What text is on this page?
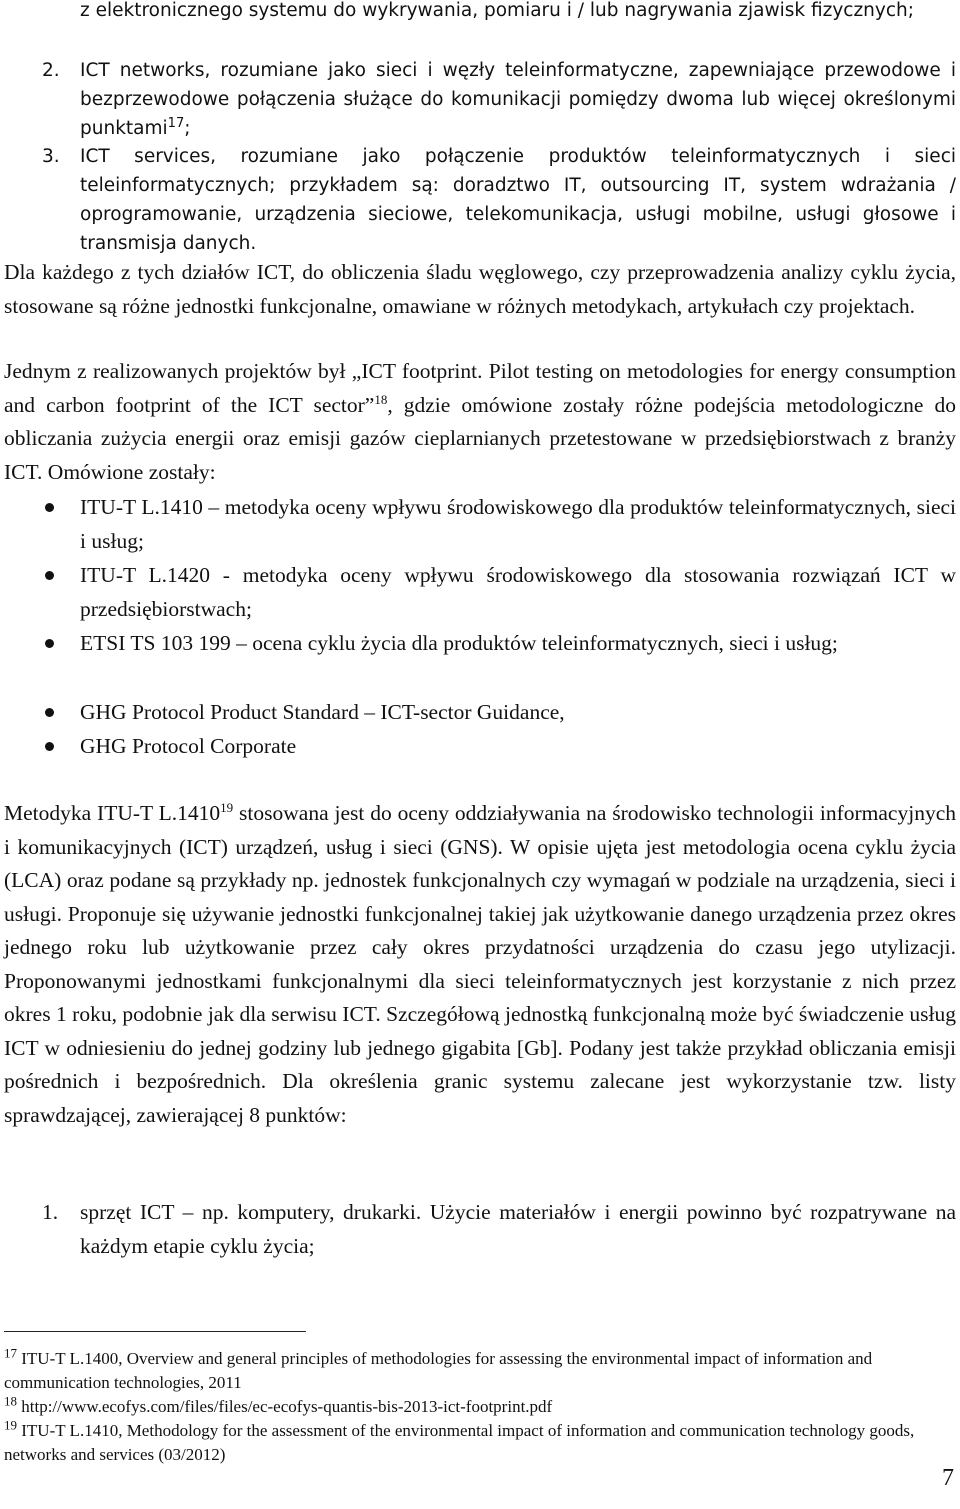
z elektronicznego systemu do wykrywania, pomiaru i / lub nagrywania zjawisk fizycznych;

2. ICT networks, rozumiane jako sieci i węzły teleinformatyczne, zapewniające przewodowe i bezprzewodowe połączenia służące do komunikacji pomiędzy dwoma lub więcej określonymi punktami$^{17}$;

3. ICT services, rozumiane jako połączenie produktów teleinformatycznych i sieci teleinformatycznych; przykładem są: doradztwo IT, outsourcing IT, system wdrażania / oprogramowanie, urządzenia sieciowe, telekomunikacja, usługi mobilne, usługi głosowe i transmisja danych.

Dla każdego z tych działów ICT, do obliczenia śladu węglowego, czy przeprowadzenia analizy cyklu życia, stosowane są różne jednostki funkcjonalne, omawiane w różnych metodykach, artykułach czy projektach.

Jednym z realizowanych projektów był „ICT footprint. Pilot testing on metodologies for energy consumption and carbon footprint of the ICT sector”$^{18}$, gdzie omówione zostały różne podejścia metodologiczne do obliczania zużycia energii oraz emisji gazów cieplarnianych przetestowane w przedsiębiorstwach z branży ICT. Omówione zostały:

ITU-T L.1410 – metodyka oceny wpływu środowiskowego dla produktów teleinformatycznych, sieci i usług;

ITU-T L.1420 - metodyka oceny wpływu środowiskowego dla stosowania rozwiązań ICT w przedsiębiorstwach;

ETSI TS 103 199 – ocena cyklu życia dla produktów teleinformatycznych, sieci i usług;

GHG Protocol Product Standard – ICT-sector Guidance,

GHG Protocol Corporate

Metodyka ITU-T L.1410$^{19}$ stosowana jest do oceny oddziaływania na środowisko technologii informacyjnych i komunikacyjnych (ICT) urządzeń, usług i sieci (GNS). W opisie ujęta jest metodologia ocena cyklu życia (LCA) oraz podane są przykłady np. jednostek funkcjonalnych czy wymagań w podziale na urządzenia, sieci i usługi. Proponuje się używanie jednostki funkcjonalnej takiej jak użytkowanie danego urządzenia przez okres jednego roku lub użytkowanie przez cały okres przydatności urządzenia do czasu jego utylizacji. Proponowanymi jednostkami funkcjonalnymi dla sieci teleinformatycznych jest korzystanie z nich przez okres 1 roku, podobnie jak dla serwisu ICT. Szczegółową jednostką funkcjonalną może być świadczenie usług ICT w odniesieniu do jednej godziny lub jednego gigabita [Gb]. Podany jest także przykład obliczania emisji pośrednich i bezpośrednich. Dla określenia granic systemu zalecane jest wykorzystanie tzw. listy sprawdzającej, zawierającej 8 punktów:

1. sprzęt ICT – np. komputery, drukarki. Użycie materiałów i energii powinno być rozpatrywane na każdym etapie cyklu życia;

$^{17}$ ITU-T L.1400, Overview and general principles of methodologies for assessing the environmental impact of information and communication technologies, 2011

$^{18}$ http://www.ecofys.com/files/files/ec-ecofys-quantis-bis-2013-ict-footprint.pdf

$^{19}$ ITU-T L.1410, Methodology for the assessment of the environmental impact of information and communication technology goods, networks and services (03/2012)

7
